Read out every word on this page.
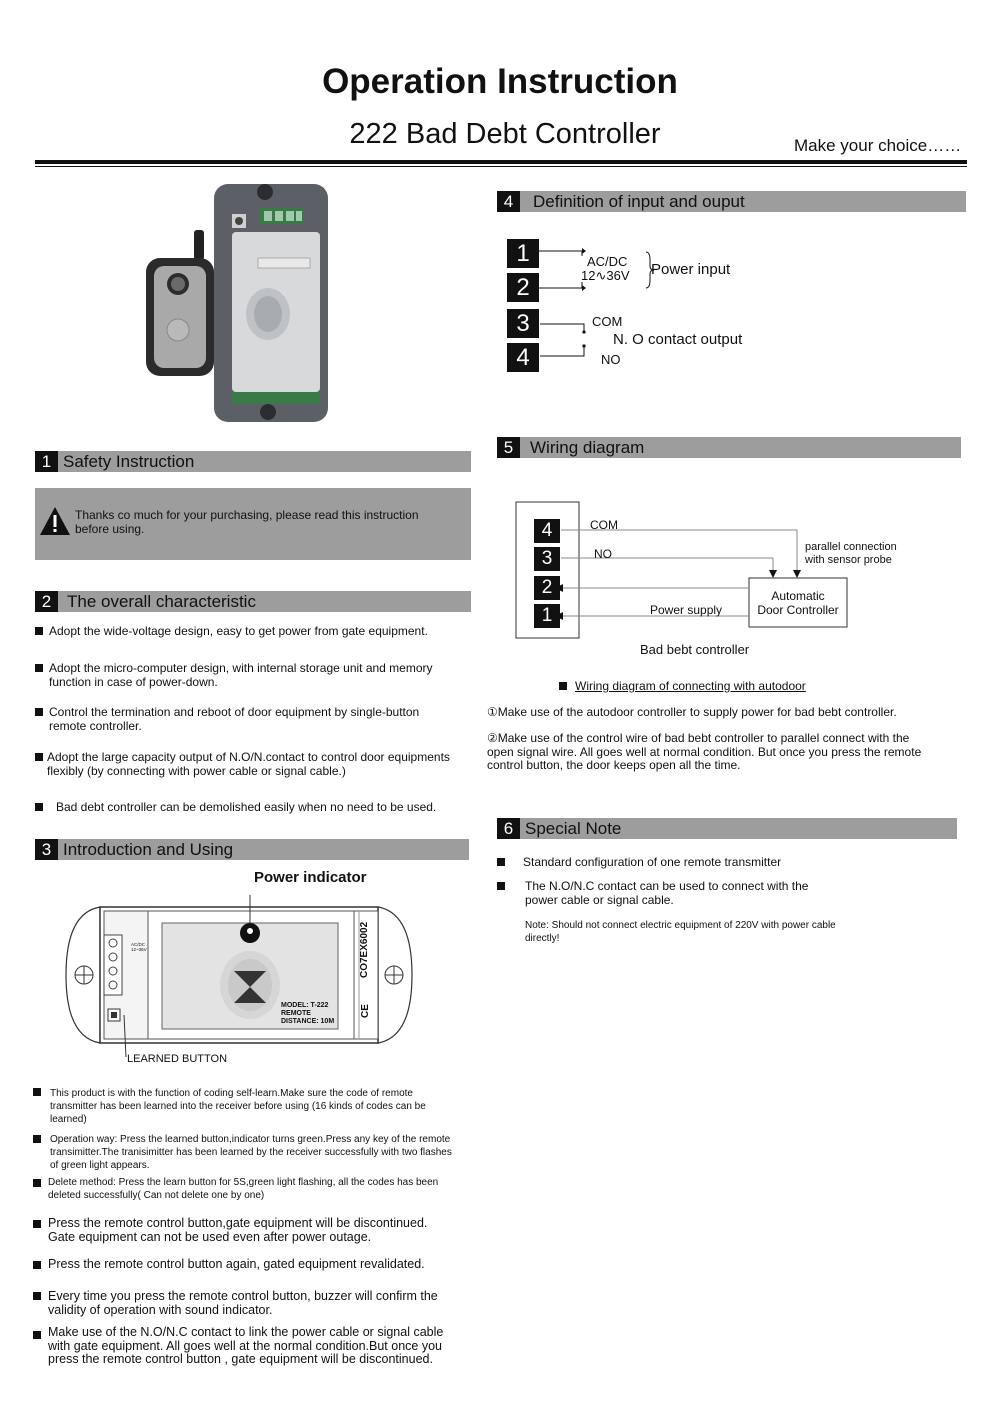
Operation Instruction
222 Bad Debt Controller	Make your choice……
1 Safety Instruction
Thanks co much for your purchasing, please read this instruction
before using.
2 The overall characteristic
Adopt the wide-voltage design, easy to get power from gate equipment.
Adopt the micro-computer design, with internal storage unit and memory
function in case of power-down.
Control the termination and reboot of door equipment by single-button
remote controller.
Adopt the large capacity output of N.O/N.contact to control door equipments
flexibly (by connecting with power cable or signal cable.)
Bad debt controller can be demolished easily when no need to be used.
3 Introduction and Using
Power indicator
AC/DC
12~36V
MODEL: T-222
REMOTE
DISTANCE: 10M
CE
CO7EX6002
LEARNED BUTTON
This product is with the function of coding self-learn.Make sure the code of remote
transmitter has been learned into the receiver before using (16 kinds of codes can be
learned)
Operation way: Press the learned button,indicator turns green.Press any key of the remote
transimitter.The tranisimitter has been learned by the receiver successfully with two flashes
of green light appears.
Delete method: Press the learn button for 5S,green light flashing, all the codes has been
deleted successfully( Can not delete one by one)
Press the remote control button,gate equipment will be discontinued.
Gate equipment can not be used even after power outage.
Press the remote control button again, gated equipment revalidated.
Every time you press the remote control button, buzzer will confirm the
validity of operation with sound indicator.
Make use of the N.O/N.C contact to link the power cable or signal cable
with gate equipment. All goes well at the normal condition.But once you
press the remote control button , gate equipment will be discontinued.
4	Definition of input and ouput
1
2
3
4
AC/DC
12∿36V Power input
COM
N. O contact output
NO
5 Wiring diagram
4
3
2
1
COM
NO	parallel connection
with sensor probe
Automatic
Door Controller
Power supply
Bad bebt controller
Wiring diagram of connecting with autodoor
①Make use of the autodoor controller to supply power for bad bebt controller.
②Make use of the control wire of bad bebt controller to parallel connect with the
open signal wire. All goes well at normal condition. But once you press the remote
control button, the door keeps open all the time.
6 Special Note
Standard configuration of one remote transmitter
The N.O/N.C contact can be used to connect with the
power cable or signal cable.
Note: Should not connect electric equipment of 220V with power cable
directly!
